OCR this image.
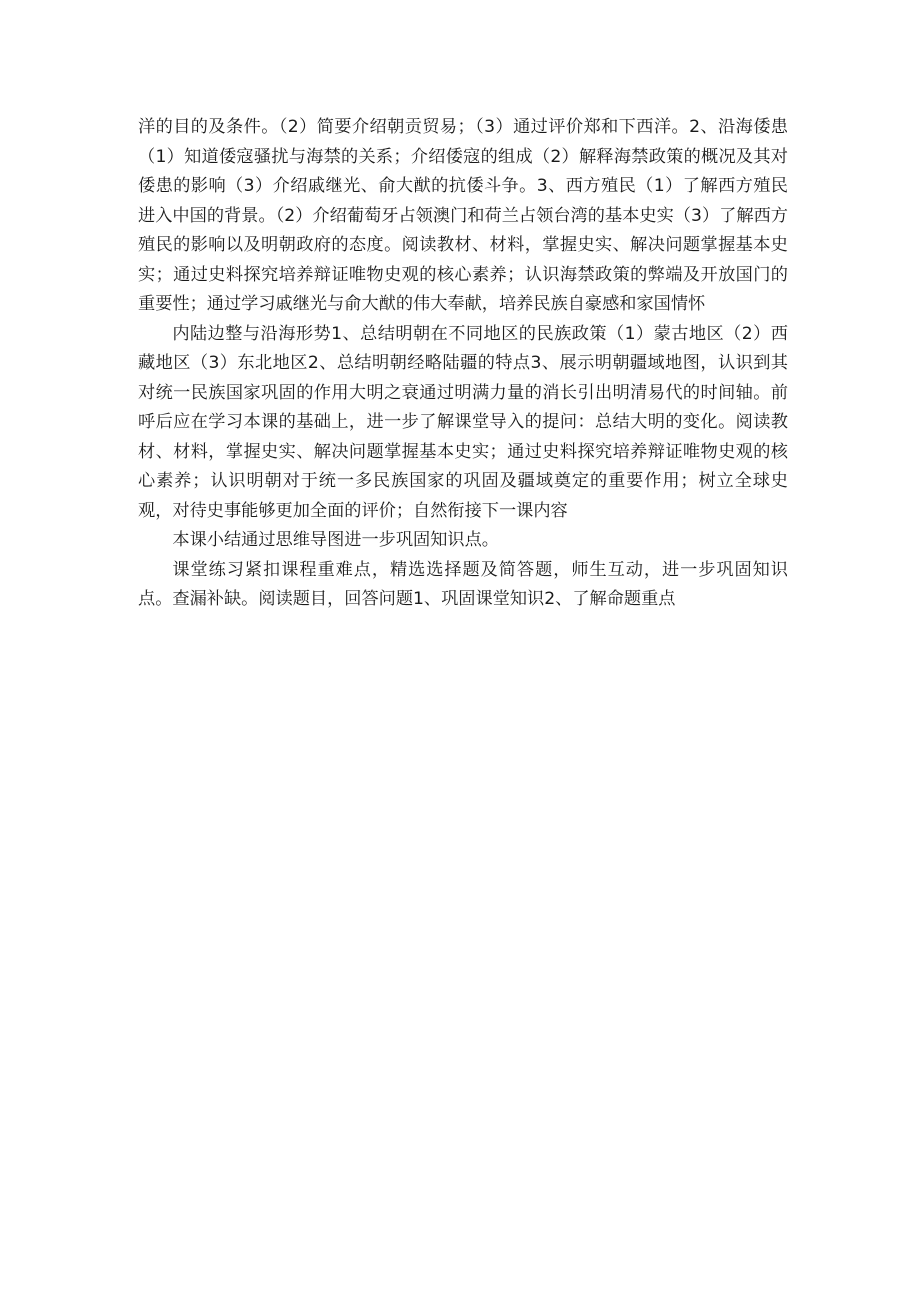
洋的目的及条件。（2）简要介绍朝贡贸易；（3）通过评价郑和下西洋。2、沿海倭患（1）知道倭寇骚扰与海禁的关系；介绍倭寇的组成（2）解释海禁政策的概况及其对倭患的影响（3）介绍戚继光、俞大猷的抗倭斗争。3、西方殖民（1）了解西方殖民进入中国的背景。（2）介绍葡萄牙占领澳门和荷兰占领台湾的基本史实（3）了解西方殖民的影响以及明朝政府的态度。阅读教材、材料，掌握史实、解决问题掌握基本史实；通过史料探究培养辩证唯物史观的核心素养；认识海禁政策的弊端及开放国门的重要性；通过学习戚继光与俞大猷的伟大奉献，培养民族自豪感和家国情怀

内陆边整与沿海形势1、总结明朝在不同地区的民族政策（1）蒙古地区（2）西藏地区（3）东北地区2、总结明朝经略陆疆的特点3、展示明朝疆域地图，认识到其对统一民族国家巩固的作用大明之衰通过明满力量的消长引出明清易代的时间轴。前呼后应在学习本课的基础上，进一步了解课堂导入的提问：总结大明的变化。阅读教材、材料，掌握史实、解决问题掌握基本史实；通过史料探究培养辩证唯物史观的核心素养；认识明朝对于统一多民族国家的巩固及疆域奠定的重要作用；树立全球史观，对待史事能够更加全面的评价；自然衔接下一课内容

本课小结通过思维导图进一步巩固知识点。

课堂练习紧扣课程重难点，精选选择题及简答题，师生互动，进一步巩固知识点。查漏补缺。阅读题目，回答问题1、巩固课堂知识2、了解命题重点
